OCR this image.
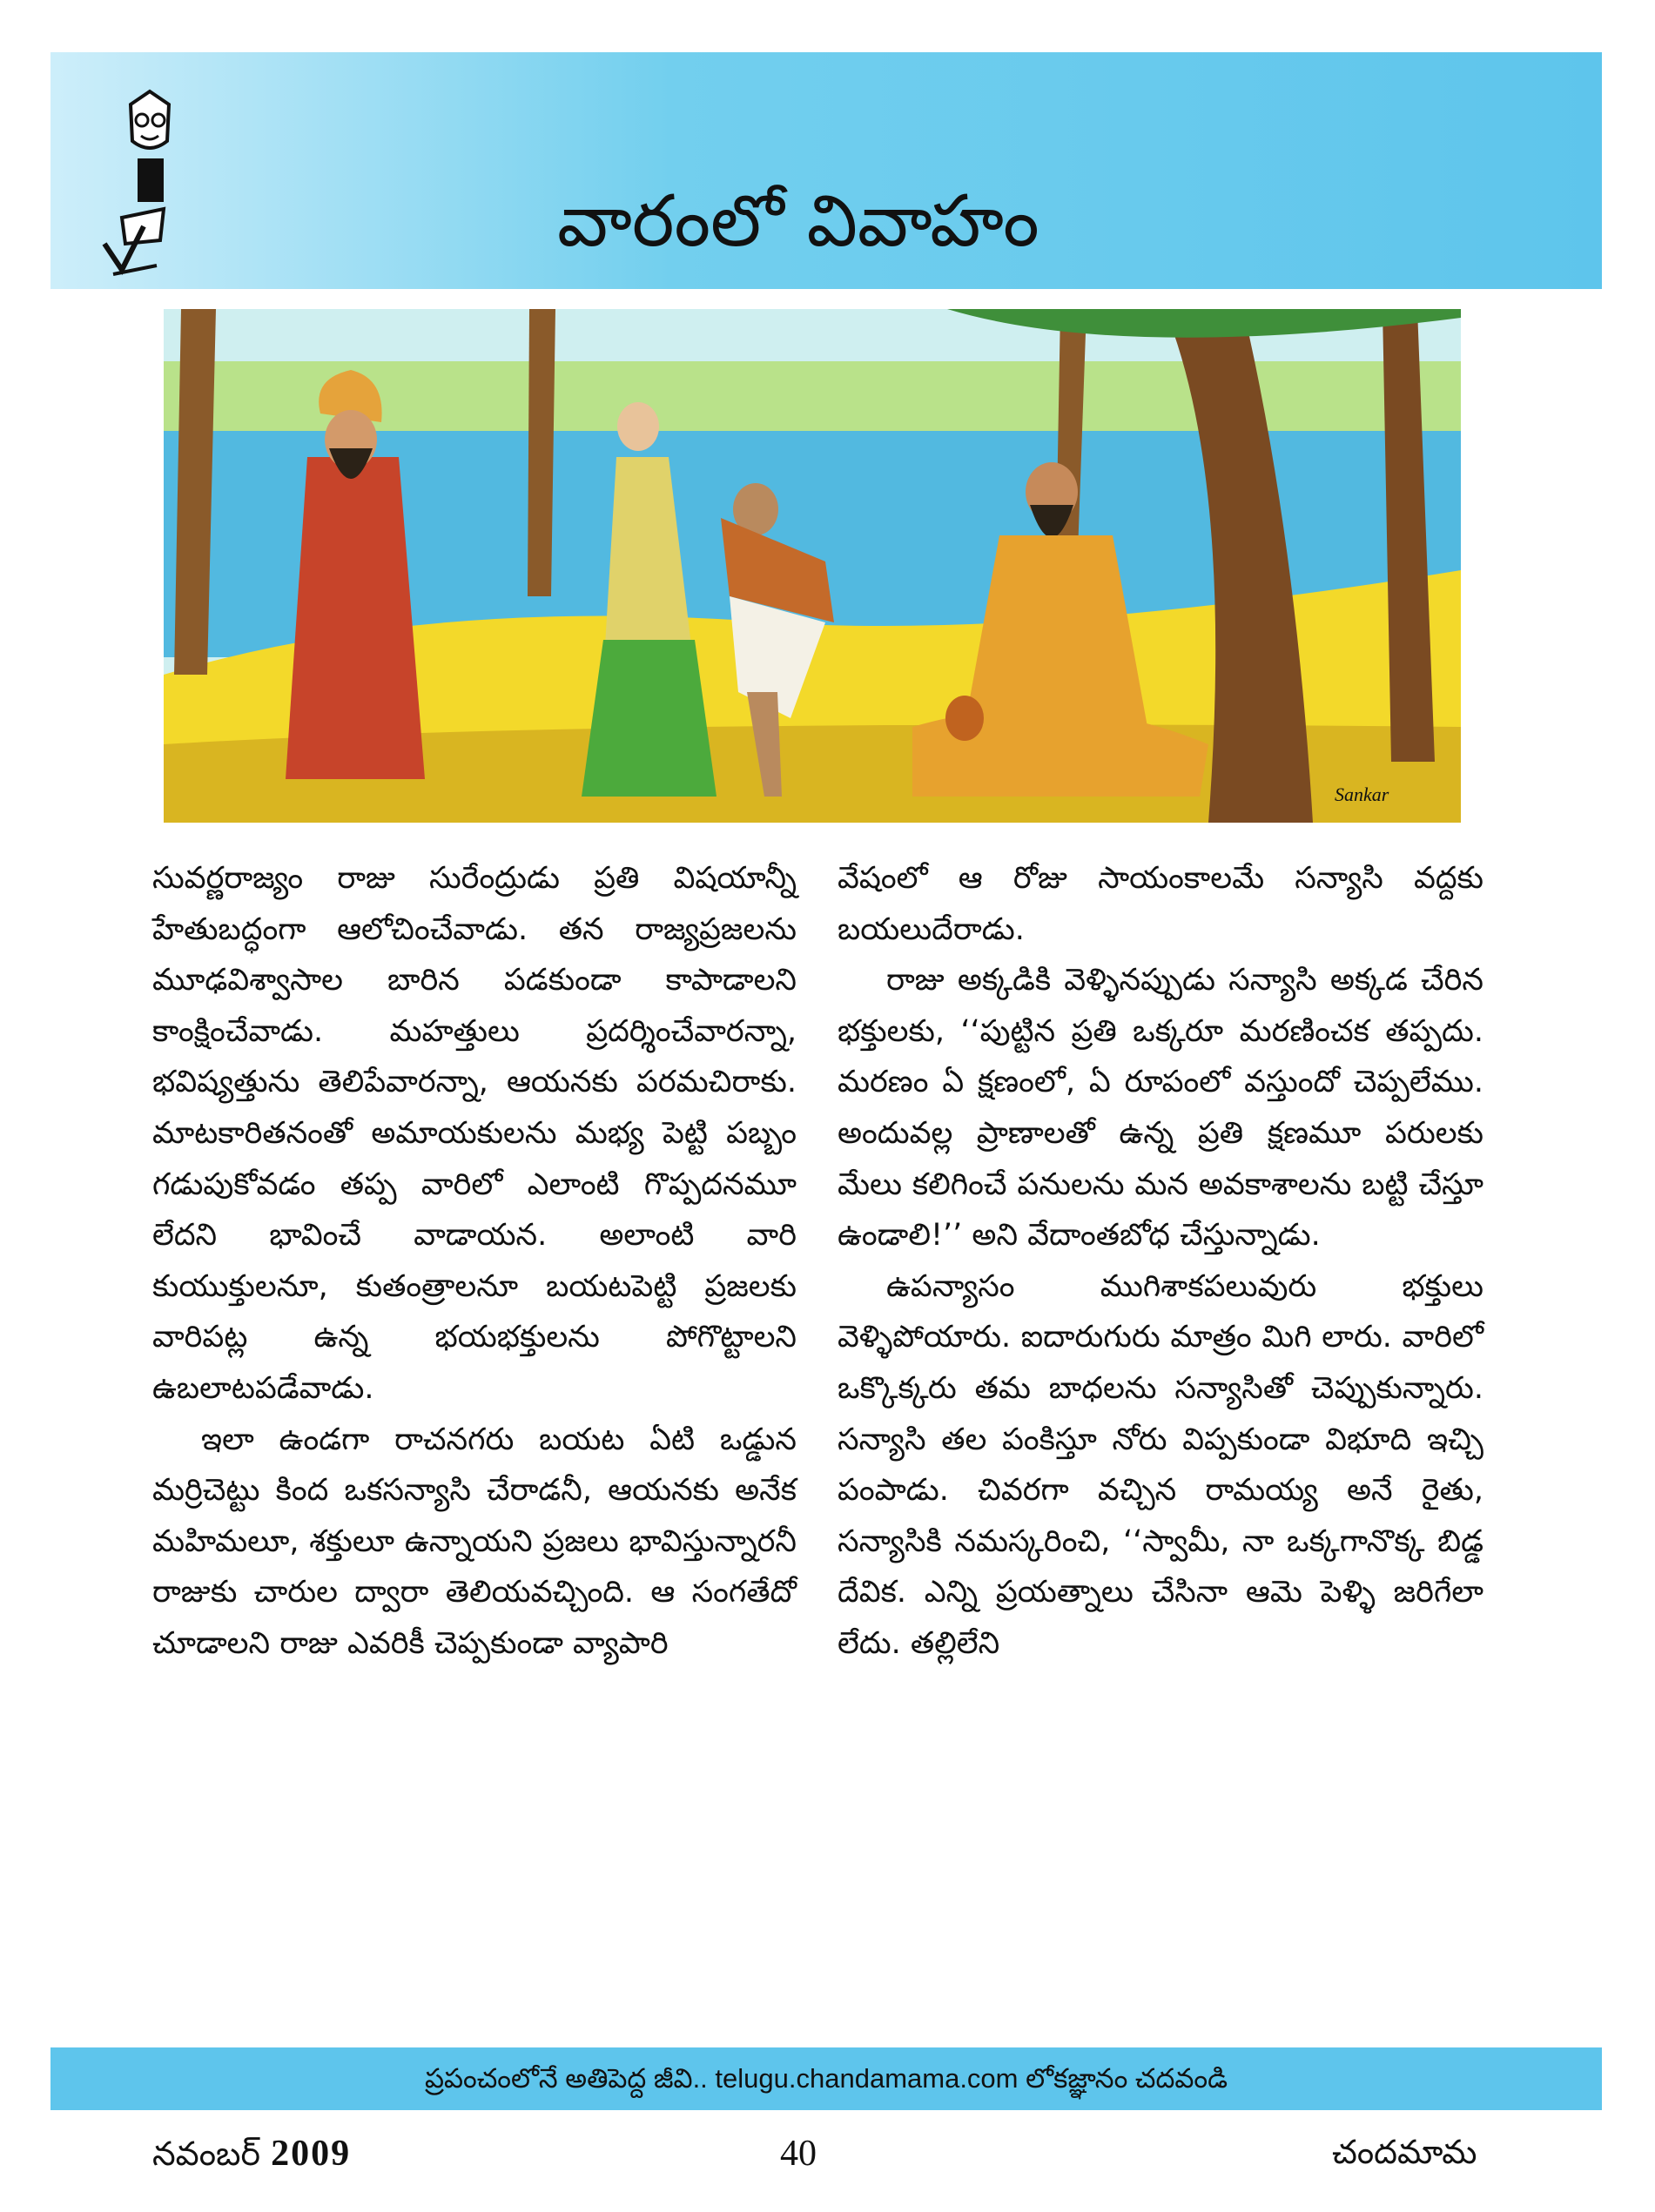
వారంలో వివాహం
Sankar

సువర్ణరాజ్యం రాజు సురేంద్రుడు ప్రతి విషయాన్నీ హేతుబద్ధంగా ఆలోచించేవాడు. తన రాజ్యప్రజలను మూఢవిశ్వాసాల బారిన పడకుండా కాపాడాలని కాంక్షించేవాడు. మహత్తులు ప్రదర్శించేవారన్నా, భవిష్యత్తును తెలిపేవారన్నా, ఆయనకు పరమచిరాకు. మాటకారితనంతో అమాయకులను మభ్య పెట్టి పబ్బం గడుపుకోవడం తప్ప వారిలో ఎలాంటి గొప్పదనమూ లేదని భావించే వాడాయన. అలాంటి వారి కుయుక్తులనూ, కుతంత్రాలనూ బయటపెట్టి ప్రజలకు వారిపట్ల ఉన్న భయభక్తులను పోగొట్టాలని ఉబలాటపడేవాడు.

ఇలా ఉండగా రాచనగరు బయట ఏటి ఒడ్డున మర్రిచెట్టు కింద ఒకసన్యాసి చేరాడనీ, ఆయనకు అనేక మహిమలూ, శక్తులూ ఉన్నాయని ప్రజలు భావిస్తున్నారనీ రాజుకు చారుల ద్వారా తెలియవచ్చింది. ఆ సంగతేదో చూడాలని రాజు ఎవరికీ చెప్పకుండా వ్యాపారి

వేషంలో ఆ రోజు సాయంకాలమే సన్యాసి వద్దకు బయలుదేరాడు.

రాజు అక్కడికి వెళ్ళినప్పుడు సన్యాసి అక్కడ చేరిన భక్తులకు, ‘‘పుట్టిన ప్రతి ఒక్కరూ మరణించక తప్పదు. మరణం ఏ క్షణంలో, ఏ రూపంలో వస్తుందో చెప్పలేము. అందువల్ల ప్రాణాలతో ఉన్న ప్రతి క్షణమూ పరులకు మేలు కలిగించే పనులను మన అవకాశాలను బట్టి చేస్తూ ఉండాలి!’’ అని వేదాంతబోధ చేస్తున్నాడు.

ఉపన్యాసం ముగిశాకపలువురు భక్తులు వెళ్ళిపోయారు. ఐదారుగురు మాత్రం మిగి లారు. వారిలో ఒక్కొక్కరు తమ బాధలను సన్యాసితో చెప్పుకున్నారు. సన్యాసి తల పంకిస్తూ నోరు విప్పకుండా విభూది ఇచ్చి పంపాడు. చివరగా వచ్చిన రామయ్య అనే రైతు, సన్యాసికి నమస్కరించి, ‘‘స్వామీ, నా ఒక్కగానొక్క బిడ్డ దేవిక. ఎన్ని ప్రయత్నాలు చేసినా ఆమె పెళ్ళి జరిగేలా లేదు. తల్లిలేని

ప్రపంచంలోనే అతిపెద్ద జీవి.. telugu.chandamama.com లోకజ్ఞానం చదవండి
నవంబర్ 2009	40	చందమామ
